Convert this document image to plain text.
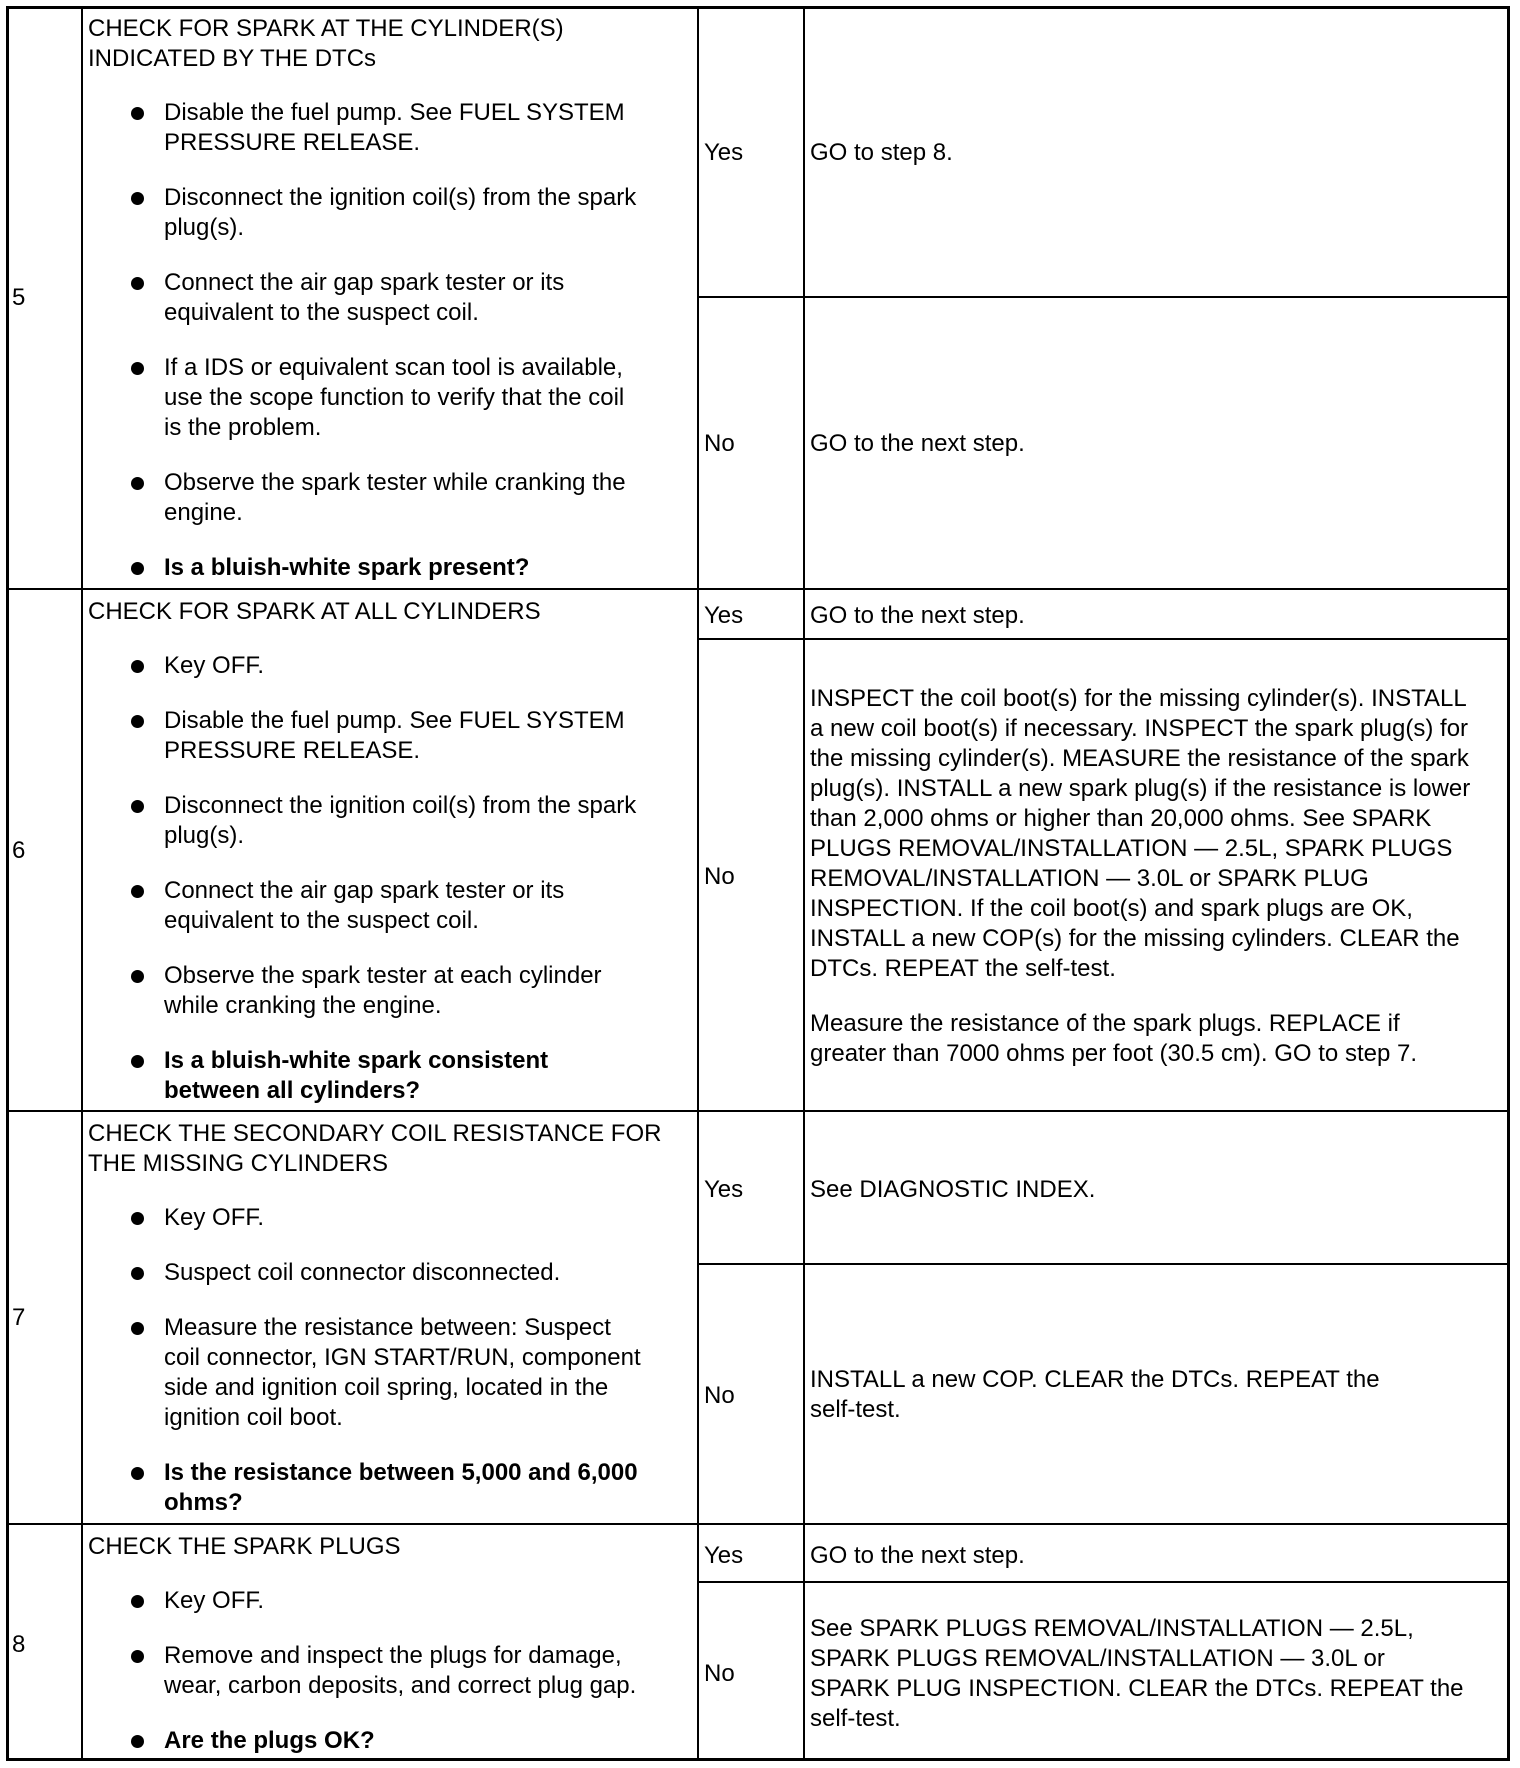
5
CHECK FOR SPARK AT THE CYLINDER(S)
INDICATED BY THE DTCs
Disable the fuel pump. See FUEL SYSTEM
PRESSURE RELEASE.
Disconnect the ignition coil(s) from the spark
plug(s).
Connect the air gap spark tester or its
equivalent to the suspect coil.
If a IDS or equivalent scan tool is available,
use the scope function to verify that the coil
is the problem.
Observe the spark tester while cranking the
engine.
Is a bluish-white spark present?
Yes	GO to step 8.
No	GO to the next step.
6
CHECK FOR SPARK AT ALL CYLINDERS
Key OFF.
Disable the fuel pump. See FUEL SYSTEM
PRESSURE RELEASE.
Disconnect the ignition coil(s) from the spark
plug(s).
Connect the air gap spark tester or its
equivalent to the suspect coil.
Observe the spark tester at each cylinder
while cranking the engine.
Is a bluish-white spark consistent
between all cylinders?
Yes	GO to the next step.
No
INSPECT the coil boot(s) for the missing cylinder(s). INSTALL
a new coil boot(s) if necessary. INSPECT the spark plug(s) for
the missing cylinder(s). MEASURE the resistance of the spark
plug(s). INSTALL a new spark plug(s) if the resistance is lower
than 2,000 ohms or higher than 20,000 ohms. See SPARK
PLUGS REMOVAL/INSTALLATION — 2.5L, SPARK PLUGS
REMOVAL/INSTALLATION — 3.0L or SPARK PLUG
INSPECTION. If the coil boot(s) and spark plugs are OK,
INSTALL a new COP(s) for the missing cylinders. CLEAR the
DTCs. REPEAT the self-test.
Measure the resistance of the spark plugs. REPLACE if
greater than 7000 ohms per foot (30.5 cm). GO to step 7.
7
CHECK THE SECONDARY COIL RESISTANCE FOR
THE MISSING CYLINDERS
Key OFF.
Suspect coil connector disconnected.
Measure the resistance between: Suspect
coil connector, IGN START/RUN, component
side and ignition coil spring, located in the
ignition coil boot.
Is the resistance between 5,000 and 6,000
ohms?
Yes	See DIAGNOSTIC INDEX.
No
INSTALL a new COP. CLEAR the DTCs. REPEAT the
self-test.
8
CHECK THE SPARK PLUGS
Key OFF.
Remove and inspect the plugs for damage,
wear, carbon deposits, and correct plug gap.
Are the plugs OK?
Yes	GO to the next step.
No
See SPARK PLUGS REMOVAL/INSTALLATION — 2.5L,
SPARK PLUGS REMOVAL/INSTALLATION — 3.0L or
SPARK PLUG INSPECTION. CLEAR the DTCs. REPEAT the
self-test.
